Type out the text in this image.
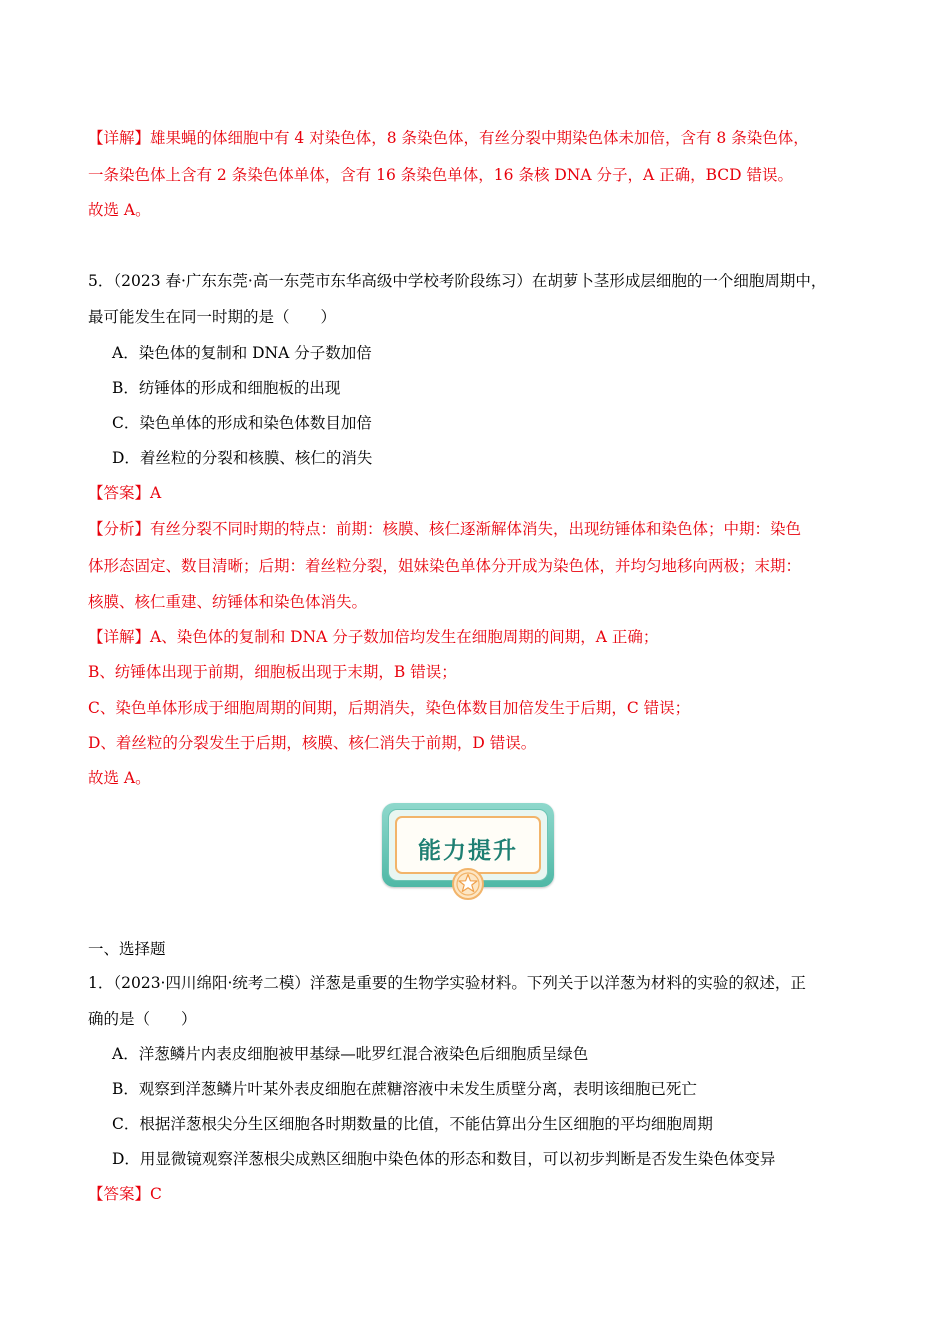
【详解】雄果蝇的体细胞中有 4 对染色体，8 条染色体，有丝分裂中期染色体未加倍，含有 8 条染色体，
一条染色体上含有 2 条染色体单体，含有 16 条染色单体，16 条核 DNA 分子，A 正确，BCD 错误。
故选 A。
5．（2023 春·广东东莞·高一东莞市东华高级中学校考阶段练习）在胡萝卜茎形成层细胞的一个细胞周期中，
最可能发生在同一时期的是（　　）
A．染色体的复制和 DNA 分子数加倍
B．纺锤体的形成和细胞板的出现
C．染色单体的形成和染色体数目加倍
D．着丝粒的分裂和核膜、核仁的消失
【答案】A
【分析】有丝分裂不同时期的特点：前期：核膜、核仁逐渐解体消失，出现纺锤体和染色体；中期：染色
体形态固定、数目清晰；后期：着丝粒分裂，姐妹染色单体分开成为染色体，并均匀地移向两极；末期：
核膜、核仁重建、纺锤体和染色体消失。
【详解】A、染色体的复制和 DNA 分子数加倍均发生在细胞周期的间期，A 正确；
B、纺锤体出现于前期，细胞板出现于末期，B 错误；
C、染色单体形成于细胞周期的间期，后期消失，染色体数目加倍发生于后期，C 错误；
D、着丝粒的分裂发生于后期，核膜、核仁消失于前期，D 错误。
故选 A。
能力提升
一、选择题
1．（2023·四川绵阳·统考二模）洋葱是重要的生物学实验材料。下列关于以洋葱为材料的实验的叙述，正
确的是（　　）
A．洋葱鳞片内表皮细胞被甲基绿—吡罗红混合液染色后细胞质呈绿色
B．观察到洋葱鳞片叶某外表皮细胞在蔗糖溶液中未发生质壁分离，表明该细胞已死亡
C．根据洋葱根尖分生区细胞各时期数量的比值，不能估算出分生区细胞的平均细胞周期
D．用显微镜观察洋葱根尖成熟区细胞中染色体的形态和数目，可以初步判断是否发生染色体变异
【答案】C
